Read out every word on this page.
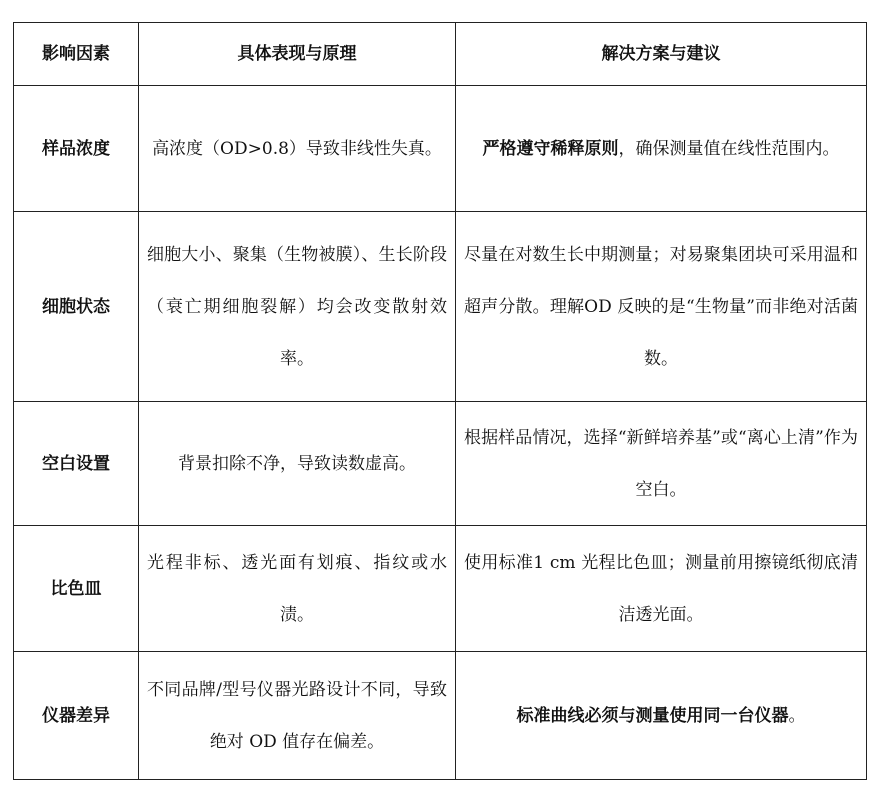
影响因素	具体表现与原理	解决方案与建议
样品浓度	高浓度（OD>0.8）导致非线性失真。	严格遵守稀释原则，确保测量值在线性范围内。
细胞状态	细胞大小、聚集（生物被膜）、生长阶段（衰亡期细胞裂解）均会改变散射效率。	尽量在对数生长中期测量；对易聚集团块可采用温和超声分散。理解OD 反映的是“生物量”而非绝对活菌数。
空白设置	背景扣除不净，导致读数虚高。	根据样品情况，选择“新鲜培养基”或“离心上清”作为空白。
比色皿	光程非标、透光面有划痕、指纹或水渍。	使用标准1 cm 光程比色皿；测量前用擦镜纸彻底清洁透光面。
仪器差异	不同品牌/型号仪器光路设计不同，导致绝对 OD 值存在偏差。	标准曲线必须与测量使用同一台仪器。
